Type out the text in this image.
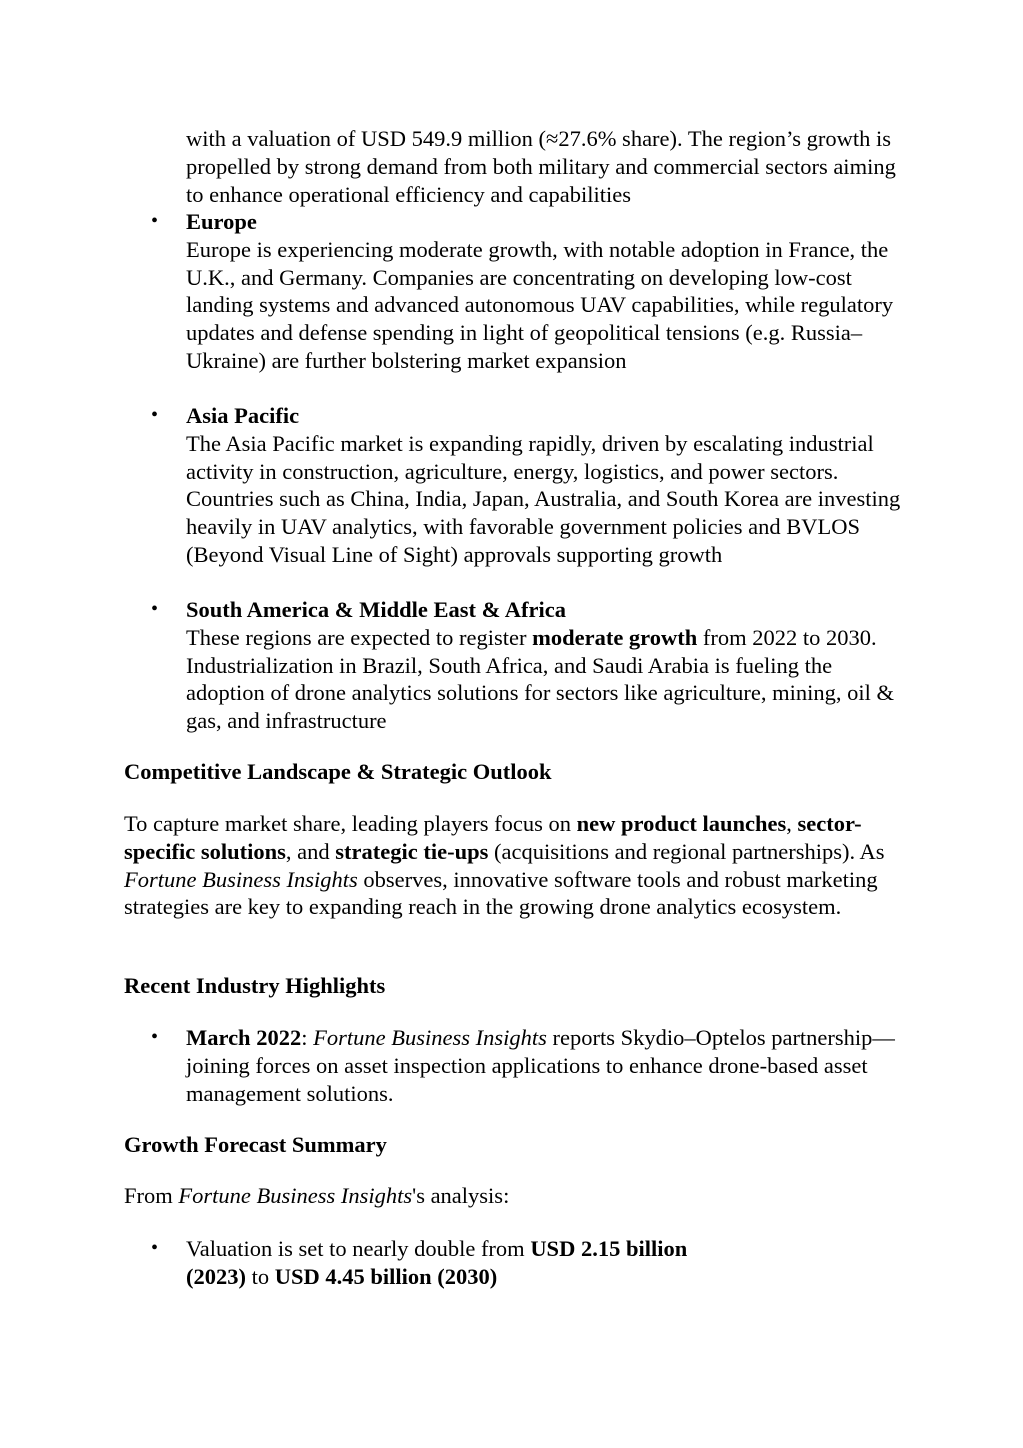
with a valuation of USD 549.9 million (≈27.6% share). The region’s growth is propelled by strong demand from both military and commercial sectors aiming to enhance operational efficiency and capabilities

•	Europe
Europe is experiencing moderate growth, with notable adoption in France, the U.K., and Germany. Companies are concentrating on developing low-cost landing systems and advanced autonomous UAV capabilities, while regulatory updates and defense spending in light of geopolitical tensions (e.g. Russia–Ukraine) are further bolstering market expansion

•	Asia Pacific
The Asia Pacific market is expanding rapidly, driven by escalating industrial activity in construction, agriculture, energy, logistics, and power sectors. Countries such as China, India, Japan, Australia, and South Korea are investing heavily in UAV analytics, with favorable government policies and BVLOS (Beyond Visual Line of Sight) approvals supporting growth

•	South America & Middle East & Africa
These regions are expected to register moderate growth from 2022 to 2030. Industrialization in Brazil, South Africa, and Saudi Arabia is fueling the adoption of drone analytics solutions for sectors like agriculture, mining, oil & gas, and infrastructure

Competitive Landscape & Strategic Outlook

To capture market share, leading players focus on new product launches, sector-specific solutions, and strategic tie-ups (acquisitions and regional partnerships). As Fortune Business Insights observes, innovative software tools and robust marketing strategies are key to expanding reach in the growing drone analytics ecosystem.

Recent Industry Highlights
•	March 2022: Fortune Business Insights reports Skydio–Optelos partnership—joining forces on asset inspection applications to enhance drone-based asset management solutions.

Growth Forecast Summary

From Fortune Business Insights's analysis:

•	Valuation is set to nearly double from USD 2.15 billion (2023) to USD 4.45 billion (2030)
